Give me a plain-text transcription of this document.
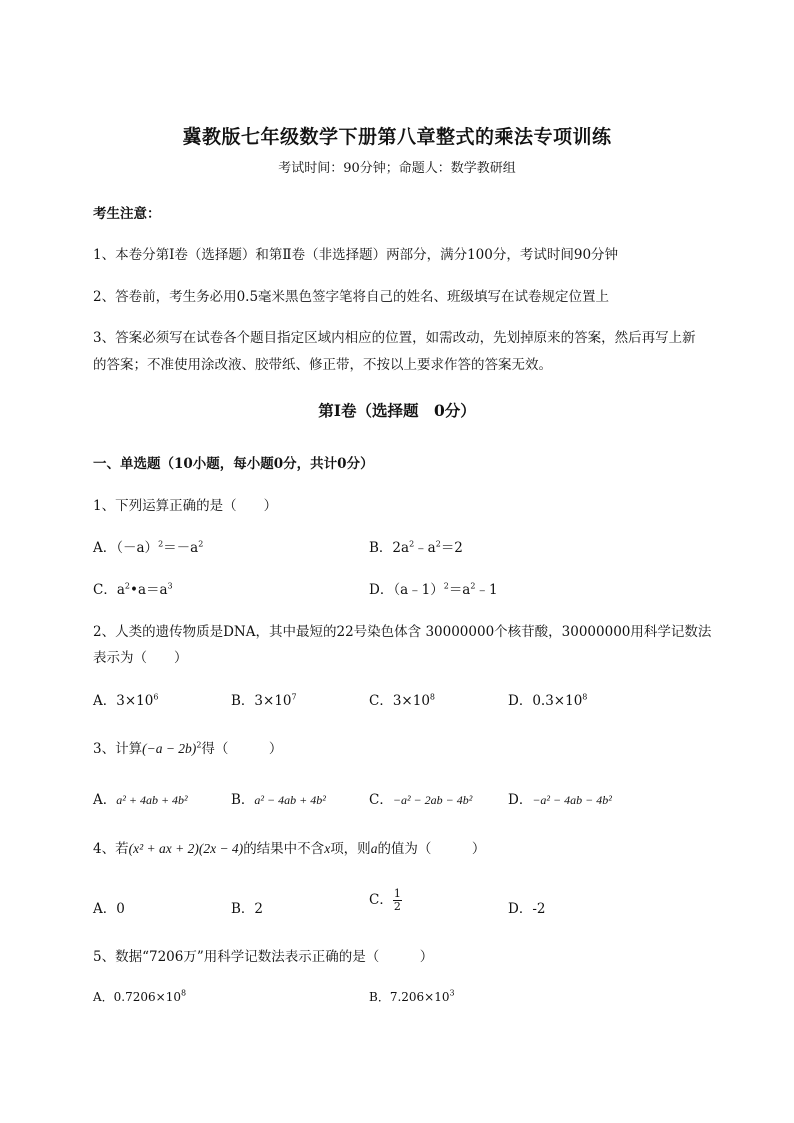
冀教版七年级数学下册第八章整式的乘法专项训练
考试时间：90分钟；命题人：数学教研组
考生注意：
1、本卷分第I卷（选择题）和第Ⅱ卷（非选择题）两部分，满分100分，考试时间90分钟
2、答卷前，考生务必用0.5毫米黑色签字笔将自己的姓名、班级填写在试卷规定位置上
3、答案必须写在试卷各个题目指定区域内相应的位置，如需改动，先划掉原来的答案，然后再写上新
的答案；不准使用涂改液、胶带纸、修正带，不按以上要求作答的答案无效。
第I卷（选择题　0分）
一、单选题（10小题，每小题0分，共计0分）
1、下列运算正确的是（　　）
A．$(-a)^2=-a^2$	B．$2a^2﹣a^2=2$
C．$a^2•a=a^3$	D．$(a﹣1)^2=a^2﹣1$
2、人类的遗传物质是DNA，其中最短的22号染色体含 30000000个核苷酸，30000000用科学记数法
表示为（　　）
A．$3\times 10^6$	B．$3\times 10^7$	C．$3\times 10^8$	D．$0.3\times 10^8$
3、计算$(-a - 2b)^2$得（　　　）
A．a² + 4ab + 4b²	B．a² − 4ab + 4b²	C．−a² − 2ab − 4b²	D．−a² − 4ab − 4b²
4、若(x² + ax + 2)(2x − 4)的结果中不含x项，则a的值为（　　　）
A．0	B．2
C． $\frac{1}{2}$	D．-2
5、数据“7206万”用科学记数法表示正确的是（　　　）
A．$0.7206\times 10^8$	B．$7.206\times 10^3$
